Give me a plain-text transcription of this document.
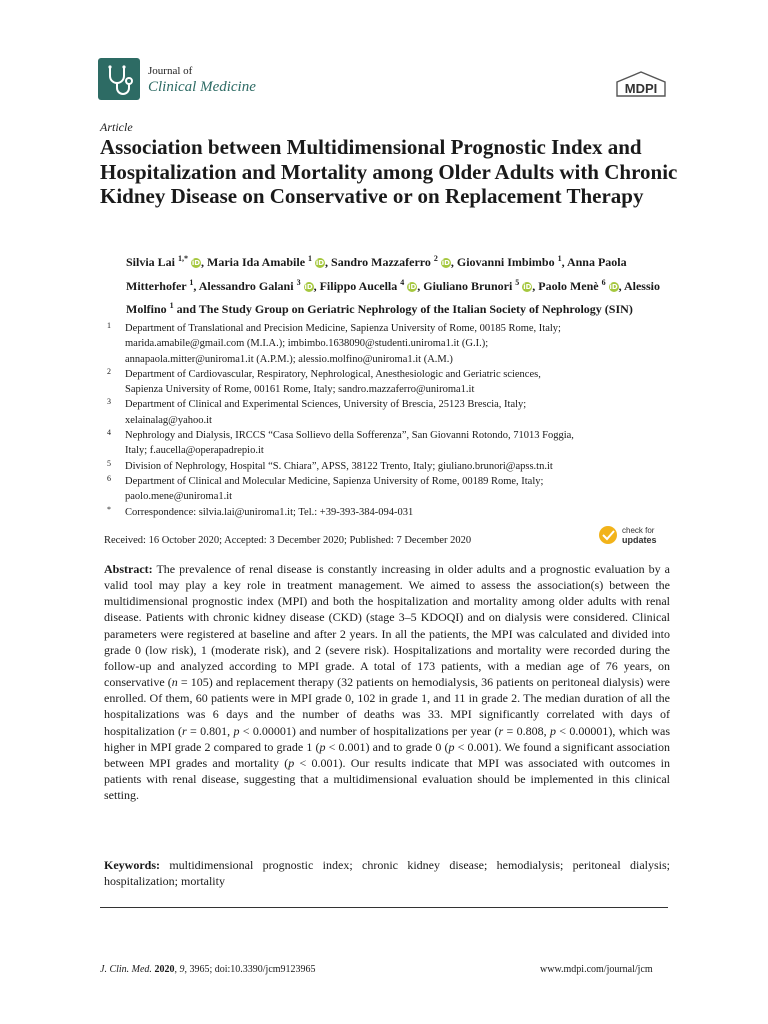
Journal of
Clinical Medicine	MDPI
Article
Association between Multidimensional Prognostic Index and Hospitalization and Mortality among Older Adults with Chronic Kidney Disease on Conservative or on Replacement Therapy
Silvia Lai $^{1,*}$ iD, Maria Ida Amabile $^1$ iD, Sandro Mazzaferro $^2$ iD, Giovanni Imbimbo $^1$, Anna Paola Mitterhofer $^1$, Alessandro Galani $^3$ iD, Filippo Aucella $^4$ iD, Giuliano Brunori $^5$ iD, Paolo Menè $^6$ iD, Alessio Molfino $^1$ and The Study Group on Geriatric Nephrology of the Italian Society of Nephrology (SIN)

1 Department of Translational and Precision Medicine, Sapienza University of Rome, 00185 Rome, Italy;
marida.amabile@gmail.com (M.I.A.); imbimbo.1638090@studenti.uniroma1.it (G.I.);
annapaola.mitter@uniroma1.it (A.P.M.); alessio.molfino@uniroma1.it (A.M.)

2 Department of Cardiovascular, Respiratory, Nephrological, Anesthesiologic and Geriatric sciences,
Sapienza University of Rome, 00161 Rome, Italy; sandro.mazzaferro@uniroma1.it

3 Department of Clinical and Experimental Sciences, University of Brescia, 25123 Brescia, Italy;
xelainalag@yahoo.it

4 Nephrology and Dialysis, IRCCS “Casa Sollievo della Sofferenza”, San Giovanni Rotondo, 71013 Foggia,
Italy; f.aucella@operapadrepio.it

5 Division of Nephrology, Hospital “S. Chiara”, APSS, 38122 Trento, Italy; giuliano.brunori@apss.tn.it

6 Department of Clinical and Molecular Medicine, Sapienza University of Rome, 00189 Rome, Italy;
paolo.mene@uniroma1.it

* Correspondence: silvia.lai@uniroma1.it; Tel.: +39-393-384-094-031

check for
updates
Received: 16 October 2020; Accepted: 3 December 2020; Published: 7 December 2020

Abstract: The prevalence of renal disease is constantly increasing in older adults and a prognostic evaluation by a valid tool may play a key role in treatment management. We aimed to assess the association(s) between the multidimensional prognostic index (MPI) and both the hospitalization and mortality among older adults with renal disease. Patients with chronic kidney disease (CKD) (stage 3–5 KDOQI) and on dialysis were considered. Clinical parameters were registered at baseline and after 2 years. In all the patients, the MPI was calculated and divided into grade 0 (low risk), 1 (moderate risk), and 2 (severe risk). Hospitalizations and mortality were recorded during the follow-up and analyzed according to MPI grade. A total of 173 patients, with a median age of 76 years, on conservative (n = 105) and replacement therapy (32 patients on hemodialysis, 36 patients on peritoneal dialysis) were enrolled. Of them, 60 patients were in MPI grade 0, 102 in grade 1, and 11 in grade 2. The median duration of all the hospitalizations was 6 days and the number of deaths was 33. MPI significantly correlated with days of hospitalization (r = 0.801, p < 0.00001) and number of hospitalizations per year (r = 0.808, p < 0.00001), which was higher in MPI grade 2 compared to grade 1 (p < 0.001) and to grade 0 (p < 0.001). We found a significant association between MPI grades and mortality (p < 0.001). Our results indicate that MPI was associated with outcomes in patients with renal disease, suggesting that a multidimensional evaluation should be implemented in this clinical setting.

Keywords: multidimensional prognostic index; chronic kidney disease; hemodialysis; peritoneal dialysis; hospitalization; mortality

J. Clin. Med. 2020, 9, 3965; doi:10.3390/jcm9123965	www.mdpi.com/journal/jcm
